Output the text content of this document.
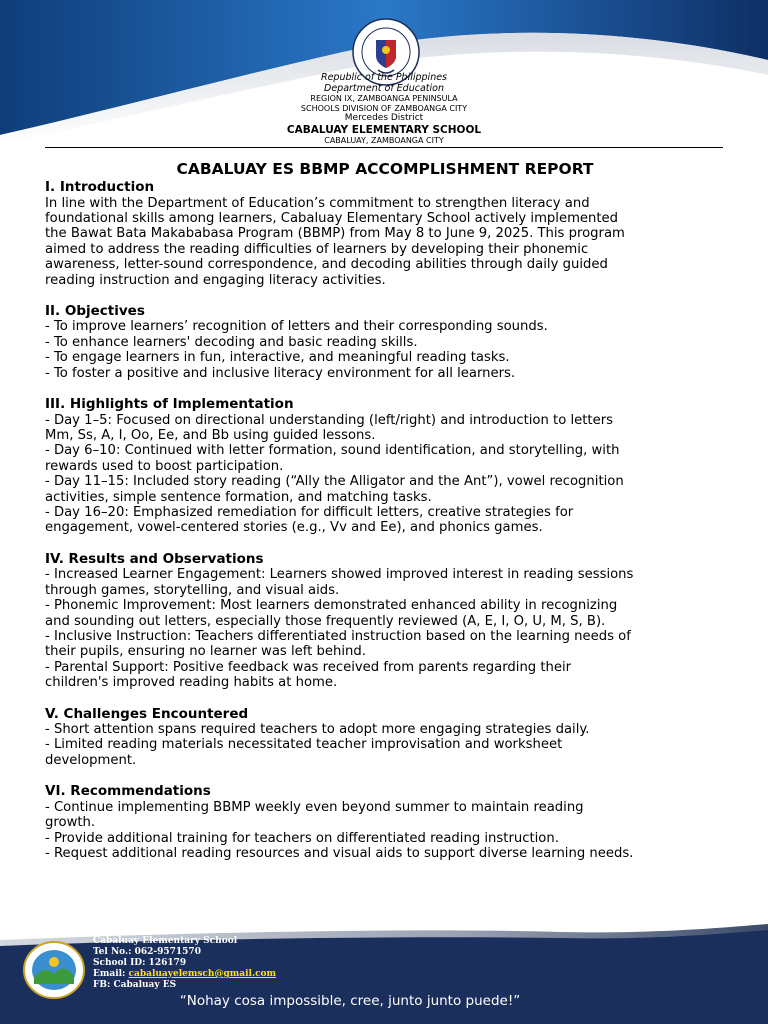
Republic of the Philippines
Department of Education
REGION IX, ZAMBOANGA PENINSULA
SCHOOLS DIVISION OF ZAMBOANGA CITY
Mercedes District
CABALUAY ELEMENTARY SCHOOL
CABALUAY, ZAMBOANGA CITY
CABALUAY ES BBMP ACCOMPLISHMENT REPORT
I. Introduction
In line with the Department of Education’s commitment to strengthen literacy and
foundational skills among learners, Cabaluay Elementary School actively implemented
the Bawat Bata Makababasa Program (BBMP) from May 8 to June 9, 2025. This program
aimed to address the reading difficulties of learners by developing their phonemic
awareness, letter-sound correspondence, and decoding abilities through daily guided
reading instruction and engaging literacy activities.
II. Objectives
- To improve learners’ recognition of letters and their corresponding sounds.
- To enhance learners' decoding and basic reading skills.
- To engage learners in fun, interactive, and meaningful reading tasks.
- To foster a positive and inclusive literacy environment for all learners.
III. Highlights of Implementation
- Day 1–5: Focused on directional understanding (left/right) and introduction to letters
Mm, Ss, A, I, Oo, Ee, and Bb using guided lessons.
- Day 6–10: Continued with letter formation, sound identification, and storytelling, with
rewards used to boost participation.
- Day 11–15: Included story reading (“Ally the Alligator and the Ant”), vowel recognition
activities, simple sentence formation, and matching tasks.
- Day 16–20: Emphasized remediation for difficult letters, creative strategies for
engagement, vowel-centered stories (e.g., Vv and Ee), and phonics games.
IV. Results and Observations
- Increased Learner Engagement: Learners showed improved interest in reading sessions
through games, storytelling, and visual aids.
- Phonemic Improvement: Most learners demonstrated enhanced ability in recognizing
and sounding out letters, especially those frequently reviewed (A, E, I, O, U, M, S, B).
- Inclusive Instruction: Teachers differentiated instruction based on the learning needs of
their pupils, ensuring no learner was left behind.
- Parental Support: Positive feedback was received from parents regarding their
children's improved reading habits at home.
V. Challenges Encountered
- Short attention spans required teachers to adopt more engaging strategies daily.
- Limited reading materials necessitated teacher improvisation and worksheet
development.
VI. Recommendations
- Continue implementing BBMP weekly even beyond summer to maintain reading
growth.
- Provide additional training for teachers on differentiated reading instruction.
- Request additional reading resources and visual aids to support diverse learning needs.
Cabaluay Elementary School
Tel No.: 062-9571570
School ID: 126179
Email: cabaluayelemsch@gmail.com
FB: Cabaluay ES
“Nohay cosa impossible, cree, junto junto puede!”
